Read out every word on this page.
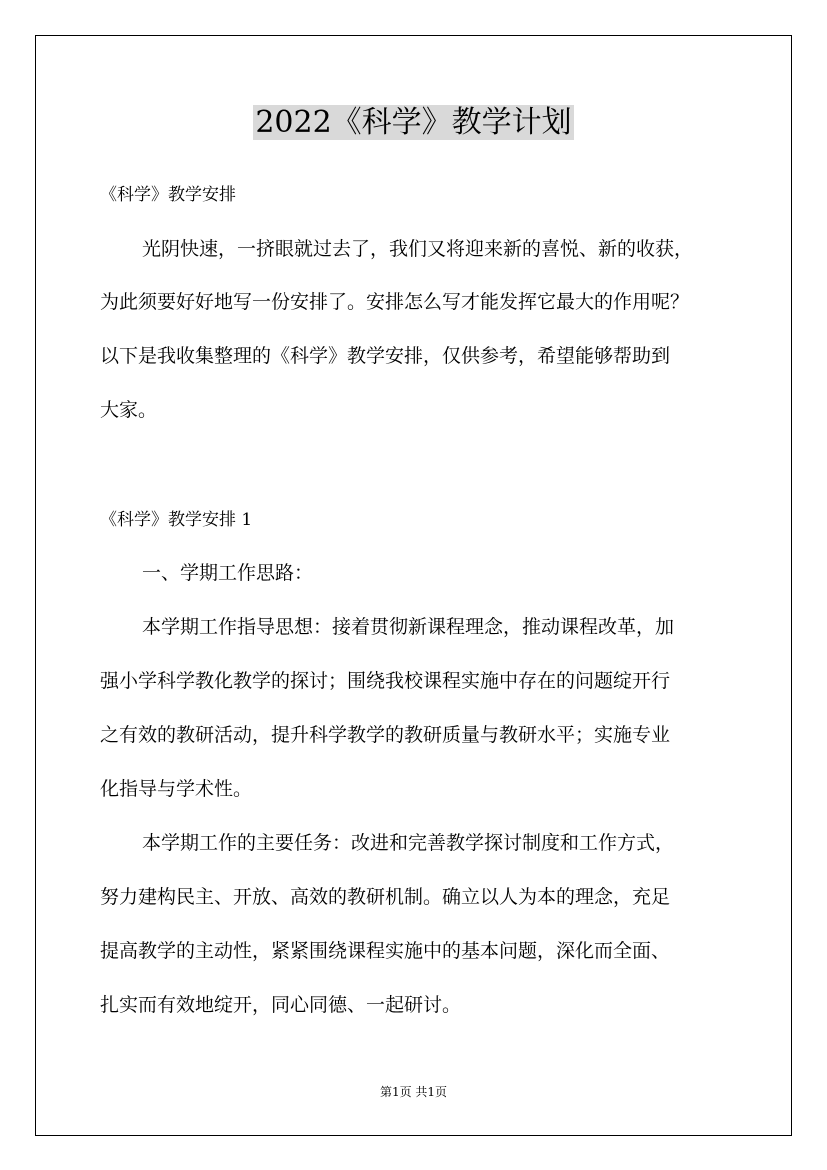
2022《科学》教学计划
《科学》教学安排
光阴快速，一挤眼就过去了，我们又将迎来新的喜悦、新的收获，
为此须要好好地写一份安排了。安排怎么写才能发挥它最大的作用呢？
以下是我收集整理的《科学》教学安排，仅供参考，希望能够帮助到
大家。
《科学》教学安排 1
一、学期工作思路：
本学期工作指导思想：接着贯彻新课程理念，推动课程改革，加
强小学科学教化教学的探讨；围绕我校课程实施中存在的问题绽开行
之有效的教研活动，提升科学教学的教研质量与教研水平；实施专业
化指导与学术性。
本学期工作的主要任务：改进和完善教学探讨制度和工作方式，
努力建构民主、开放、高效的教研机制。确立以人为本的理念，充足
提高教学的主动性，紧紧围绕课程实施中的基本问题，深化而全面、
扎实而有效地绽开，同心同德、一起研讨。
第1页 共1页
